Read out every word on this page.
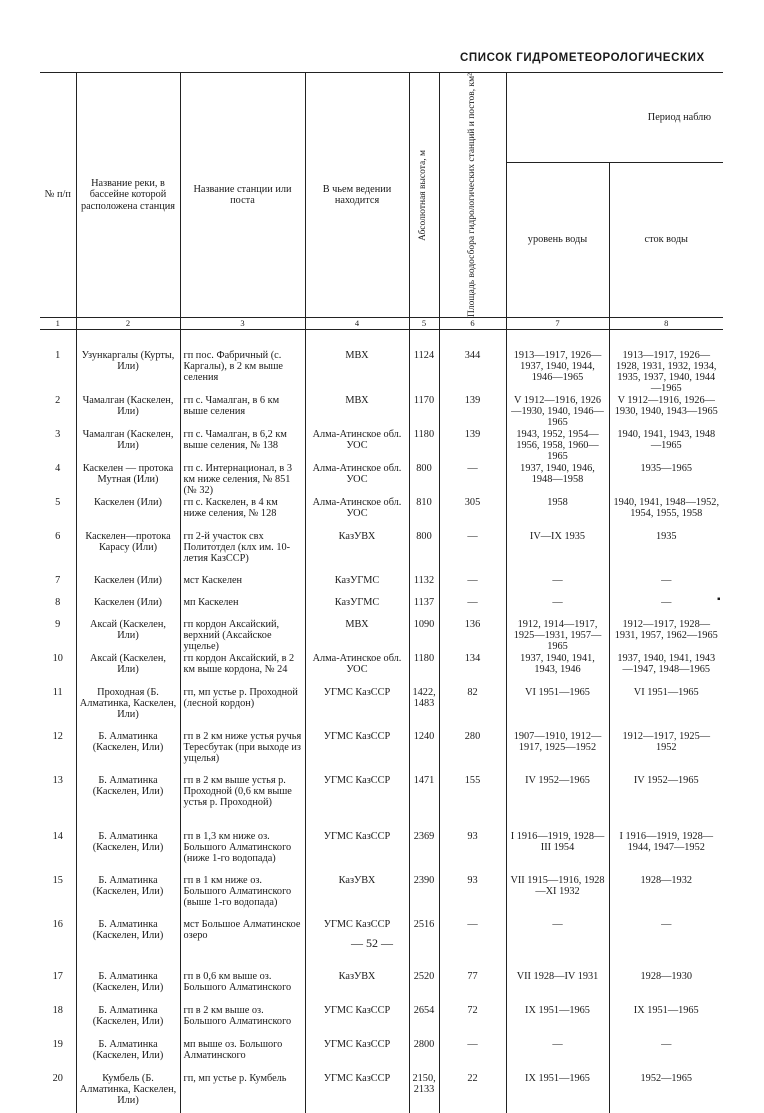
СПИСОК ГИДРОМЕТЕОРОЛОГИЧЕСКИХ
№ п/п	Название реки, в бассейне которой расположена станция	Название станции или поста	В чьем ведении находится	Абсолютная высота, м	Площадь водосбора гидрологических станций и постов, км²	Период наблю	
						уровень воды	сток воды
1	2	3	4	5	6	7	8
1	Узункаргалы (Курты, Или)	гп пос. Фабричный (с. Каргалы), в 2 км выше селения	МВХ	1124	344	1913—1917, 1926—1937, 1940, 1944, 1946—1965	1913—1917, 1926—1928, 1931, 1932, 1934, 1935, 1937, 1940, 1944—1965
2	Чамалган (Каскелен, Или)	гп с. Чамалган, в 6 км выше селения	МВХ	1170	139	V 1912—1916, 1926—1930, 1940, 1946—1965	V 1912—1916, 1926—1930, 1940, 1943—1965
3	Чамалган (Каскелен, Или)	гп с. Чамалган, в 6,2 км выше селения, № 138	Алма-Атинское обл. УОС	1180	139	1943, 1952, 1954—1956, 1958, 1960—1965	1940, 1941, 1943, 1948—1965
4	Каскелен — протока Мутная (Или)	гп с. Интернационал, в 3 км ниже селения, № 851 (№ 32)	Алма-Атинское обл. УОС	800	—	1937, 1940, 1946, 1948—1958	1935—1965
5	Каскелен (Или)	гп с. Каскелен, в 4 км ниже селения, № 128	Алма-Атинское обл. УОС	810	305	1958	1940, 1941, 1948—1952, 1954, 1955, 1958
6	Каскелен—протока Карасу (Или)	гп 2-й участок свх Политотдел (клх им. 10-летия КазССР)	КазУВХ	800	—	IV—IX 1935	1935
7	Каскелен (Или)	мст Каскелен	КазУГМС	1132	—	—	—
8	Каскелен (Или)	мп Каскелен	КазУГМС	1137	—	—	—
9	Аксай (Каскелен, Или)	гп кордон Аксайский, верхний (Аксайское ущелье)	МВХ	1090	136	1912, 1914—1917, 1925—1931, 1957—1965	1912—1917, 1928—1931, 1957, 1962—1965
10	Аксай (Каскелен, Или)	гп кордон Аксайский, в 2 км выше кордона, № 24	Алма-Атинское обл. УОС	1180	134	1937, 1940, 1941, 1943, 1946	1937, 1940, 1941, 1943—1947, 1948—1965
11	Проходная (Б. Алматинка, Каскелен, Или)	гп, мп устье р. Проходной (лесной кордон)	УГМС КазССР	1422, 1483	82	VI 1951—1965	VI 1951—1965
12	Б. Алматинка (Каскелен, Или)	гп в 2 км ниже устья ручья Тересбутак (при выходе из ущелья)	УГМС КазССР	1240	280	1907—1910, 1912—1917, 1925—1952	1912—1917, 1925—1952
13	Б. Алматинка (Каскелен, Или)	гп в 2 км выше устья р. Проходной (0,6 км выше устья р. Проходной)	УГМС КазССР	1471	155	IV 1952—1965	IV 1952—1965
14	Б. Алматинка (Каскелен, Или)	гп в 1,3 км ниже оз. Большого Алматинского (ниже 1-го водопада)	УГМС КазССР	2369	93	I 1916—1919, 1928—III 1954	I 1916—1919, 1928—1944, 1947—1952
15	Б. Алматинка (Каскелен, Или)	гп в 1 км ниже оз. Большого Алматинского (выше 1-го водопада)	КазУВХ	2390	93	VII 1915—1916, 1928—XI 1932	1928—1932
16	Б. Алматинка (Каскелен, Или)	мст Большое Алматинское озеро	УГМС КазССР	2516	—	—	—
17	Б. Алматинка (Каскелен, Или)	гп в 0,6 км выше оз. Большого Алматинского	КазУВХ	2520	77	VII 1928—IV 1931	1928—1930
18	Б. Алматинка (Каскелен, Или)	гп в 2 км выше оз. Большого Алматинского	УГМС КазССР	2654	72	IX 1951—1965	IX 1951—1965
19	Б. Алматинка (Каскелен, Или)	мп выше оз. Большого Алматинского	УГМС КазССР	2800	—	—	—
20	Кумбель (Б. Алматинка, Каскелен, Или)	гп, мп устье р. Кумбель	УГМС КазССР	2150, 2133	22	IX 1951—1965	1952—1965
▪
— 52 —
